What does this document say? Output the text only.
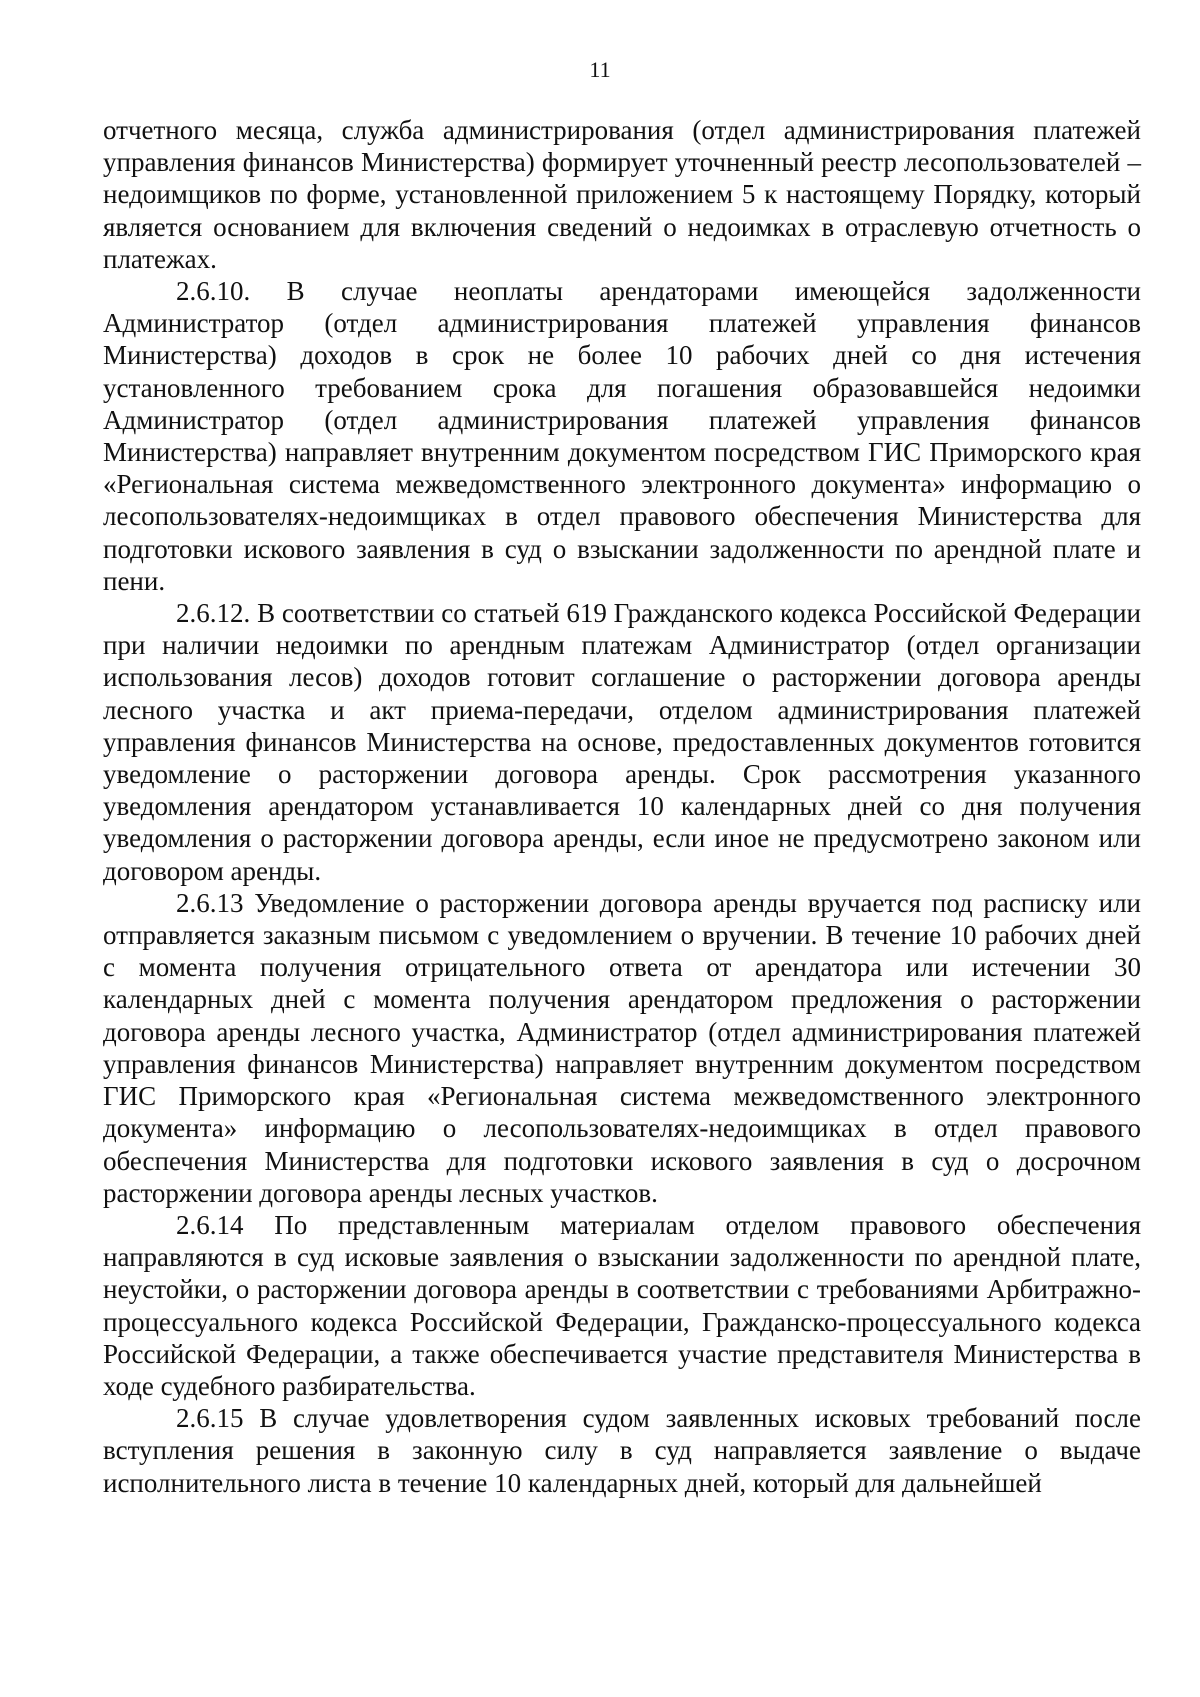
11

отчетного месяца, служба администрирования (отдел администрирования платежей управления финансов Министерства) формирует уточненный реестр лесопользователей – недоимщиков по форме, установленной приложением 5 к настоящему Порядку, который является основанием для включения сведений о недоимках в отраслевую отчетность о платежах.

2.6.10. В случае неоплаты арендаторами имеющейся задолженности Администратор (отдел администрирования платежей управления финансов Министерства) доходов в срок не более 10 рабочих дней со дня истечения установленного требованием срока для погашения образовавшейся недоимки Администратор (отдел администрирования платежей управления финансов Министерства) направляет внутренним документом посредством ГИС Приморского края «Региональная система межведомственного электронного документа» информацию о лесопользователях-недоимщиках в отдел правового обеспечения Министерства для подготовки искового заявления в суд о взыскании задолженности по арендной плате и пени.

2.6.12. В соответствии со статьей 619 Гражданского кодекса Российской Федерации при наличии недоимки по арендным платежам Администратор (отдел организации использования лесов) доходов готовит соглашение о расторжении договора аренды лесного участка и акт приема-передачи, отделом администрирования платежей управления финансов Министерства на основе, предоставленных документов готовится уведомление о расторжении договора аренды. Срок рассмотрения указанного уведомления арендатором устанавливается 10 календарных дней со дня получения уведомления о расторжении договора аренды, если иное не предусмотрено законом или договором аренды.

2.6.13 Уведомление о расторжении договора аренды вручается под расписку или отправляется заказным письмом с уведомлением о вручении. В течение 10 рабочих дней с момента получения отрицательного ответа от арендатора или истечении 30 календарных дней с момента получения арендатором предложения о расторжении договора аренды лесного участка, Администратор (отдел администрирования платежей управления финансов Министерства) направляет внутренним документом посредством ГИС Приморского края «Региональная система межведомственного электронного документа» информацию о лесопользователях-недоимщиках в отдел правового обеспечения Министерства для подготовки искового заявления в суд о досрочном расторжении договора аренды лесных участков.

2.6.14 По представленным материалам отделом правового обеспечения направляются в суд исковые заявления о взыскании задолженности по арендной плате, неустойки, о расторжении договора аренды в соответствии с требованиями Арбитражно-процессуального кодекса Российской Федерации, Гражданско-процессуального кодекса Российской Федерации, а также обеспечивается участие представителя Министерства в ходе судебного разбирательства.

2.6.15 В случае удовлетворения судом заявленных исковых требований после вступления решения в законную силу в суд направляется заявление о выдаче исполнительного листа в течение 10 календарных дней, который для дальнейшей
